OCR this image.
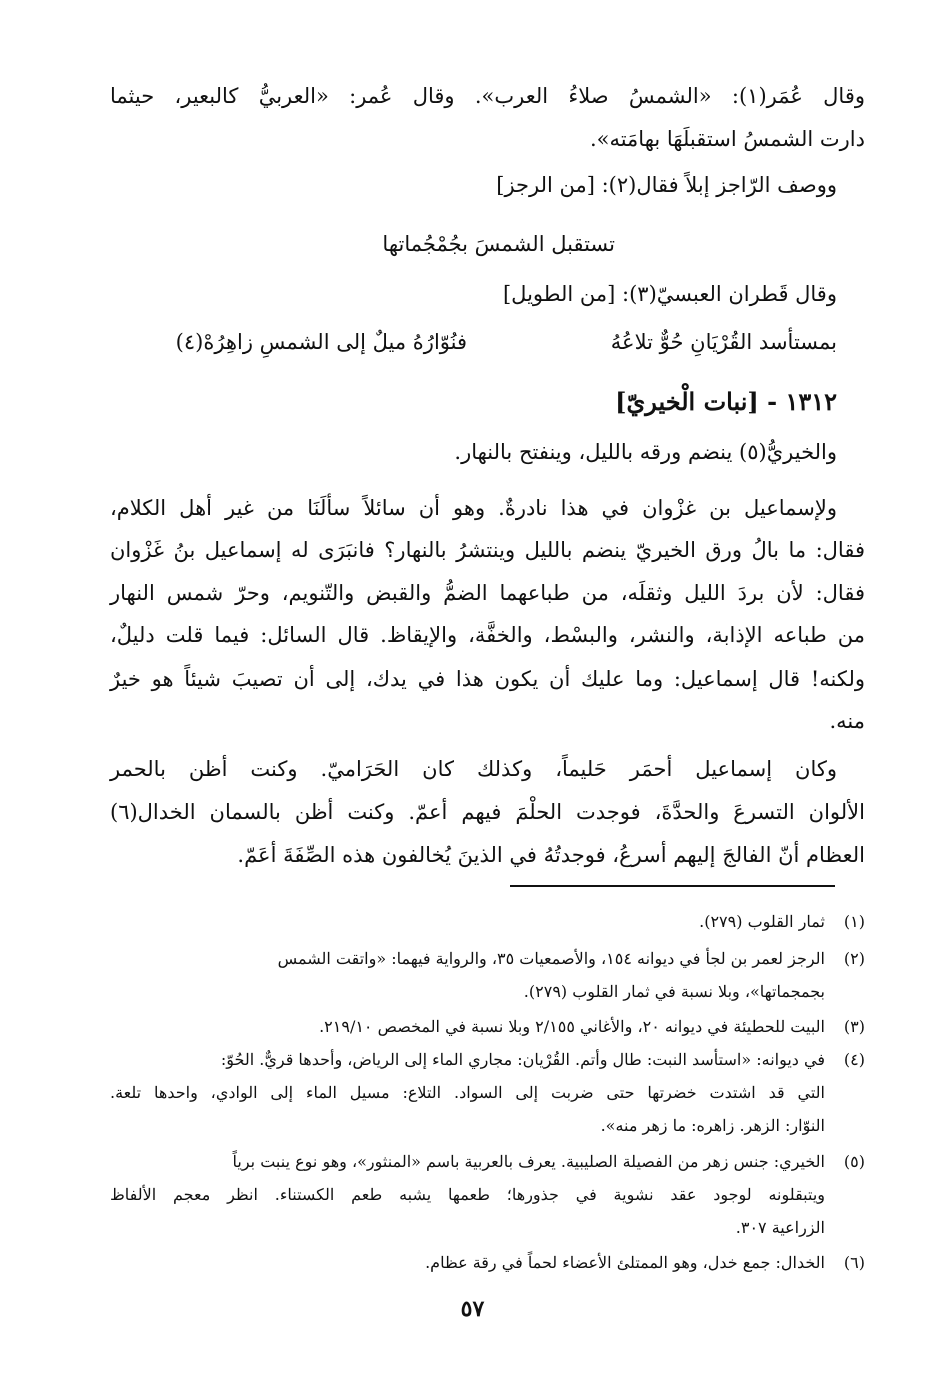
وقال عُمَر(١): «الشمسُ صلاءُ العرب». وقال عُمر: «العربيُّ كالبعير، حيثما
دارت الشمسُ استقبلَهَا بهامَته».
ووصف الرّاجز إبلاً فقال(٢): [من الرجز]
تستقبل الشمسَ بجُمْجُماتها
وقال قَطران العبسيّ(٣): [من الطويل]
بمستأسد القُرْيَانِ حُوٌّ تلاعُهُ
فنُوّارُهُ ميلٌ إلى الشمسِ زاهِرُهْ(٤)
١٣١٢ - [نبات الْخيريّ]
والخيريُّ(٥) ينضم ورقه بالليل، وينفتح بالنهار.
ولإسماعيل بن غزْوان في هذا نادرةٌ. وهو أن سائلاً سألَنَا من غير أهل الكلام،
فقال: ما بالُ ورق الخيريّ ينضم بالليل وينتشرُ بالنهار؟ فانبَرَى له إسماعيل بنُ غَزْوان
فقال: لأن بردَ الليل وثقلَه، من طباعهما الضمُّ والقبض والتّنويم، وحرّ شمس النهار
من طباعه الإذابة، والنشر، والبسْط، والخفَّة، والإيقاظ. قال السائل: فيما قلت دليلٌ،
ولكنه! قال إسماعيل: وما عليك أن يكون هذا في يدك، إلى أن تصيبَ شيئاً هو خيرٌ
منه.
وكان إسماعيل أحمَر حَليماً، وكذلك كان الحَرَاميّ. وكنت أظن بالحمر
الألوان التسرعَ والحدَّةَ، فوجدت الحلْمَ فيهم أعمّ. وكنت أظن بالسمان الخدال(٦)
العظام أنّ الفالجَ إليهم أسرعُ، فوجدتُهُ في الذينَ يُخالفون هذه الصِّفَةَ أعَمّ.
(١)ثمار القلوب (٢٧٩).
(٢)الرجز لعمر بن لجأ في ديوانه ١٥٤، والأصمعيات ٣٥، والرواية فيهما: «واتقت الشمس
بجمجماتها»، وبلا نسبة في ثمار القلوب (٢٧٩).
(٣)البيت للحطيئة في ديوانه ٢٠، والأغاني ٢/١٥٥ وبلا نسبة في المخصص ٢١٩/١٠.
(٤)في ديوانه: «استأسد النبت: طال وأتم. القُرْيان: مجاري الماء إلى الرياض، وأحدها قريٌّ. الحُوّ:
التي قد اشتدت خضرتها حتى ضربت إلى السواد. التلاع: مسيل الماء إلى الوادي، واحدها تلعة.
النوّار: الزهر. زاهره: ما زهر منه».
(٥)الخيري: جنس زهر من الفصيلة الصليبية. يعرف بالعربية باسم «المنثور»، وهو نوع ينبت برياً
ويتبقلونه لوجود عقد نشوية في جذورها؛ طعمها يشبه طعم الكستناء. انظر معجم الألفاظ
الزراعية ٣٠٧.
(٦)الخدال: جمع خدل، وهو الممتلئ الأعضاء لحماً في رقة عظام.
٥٧
